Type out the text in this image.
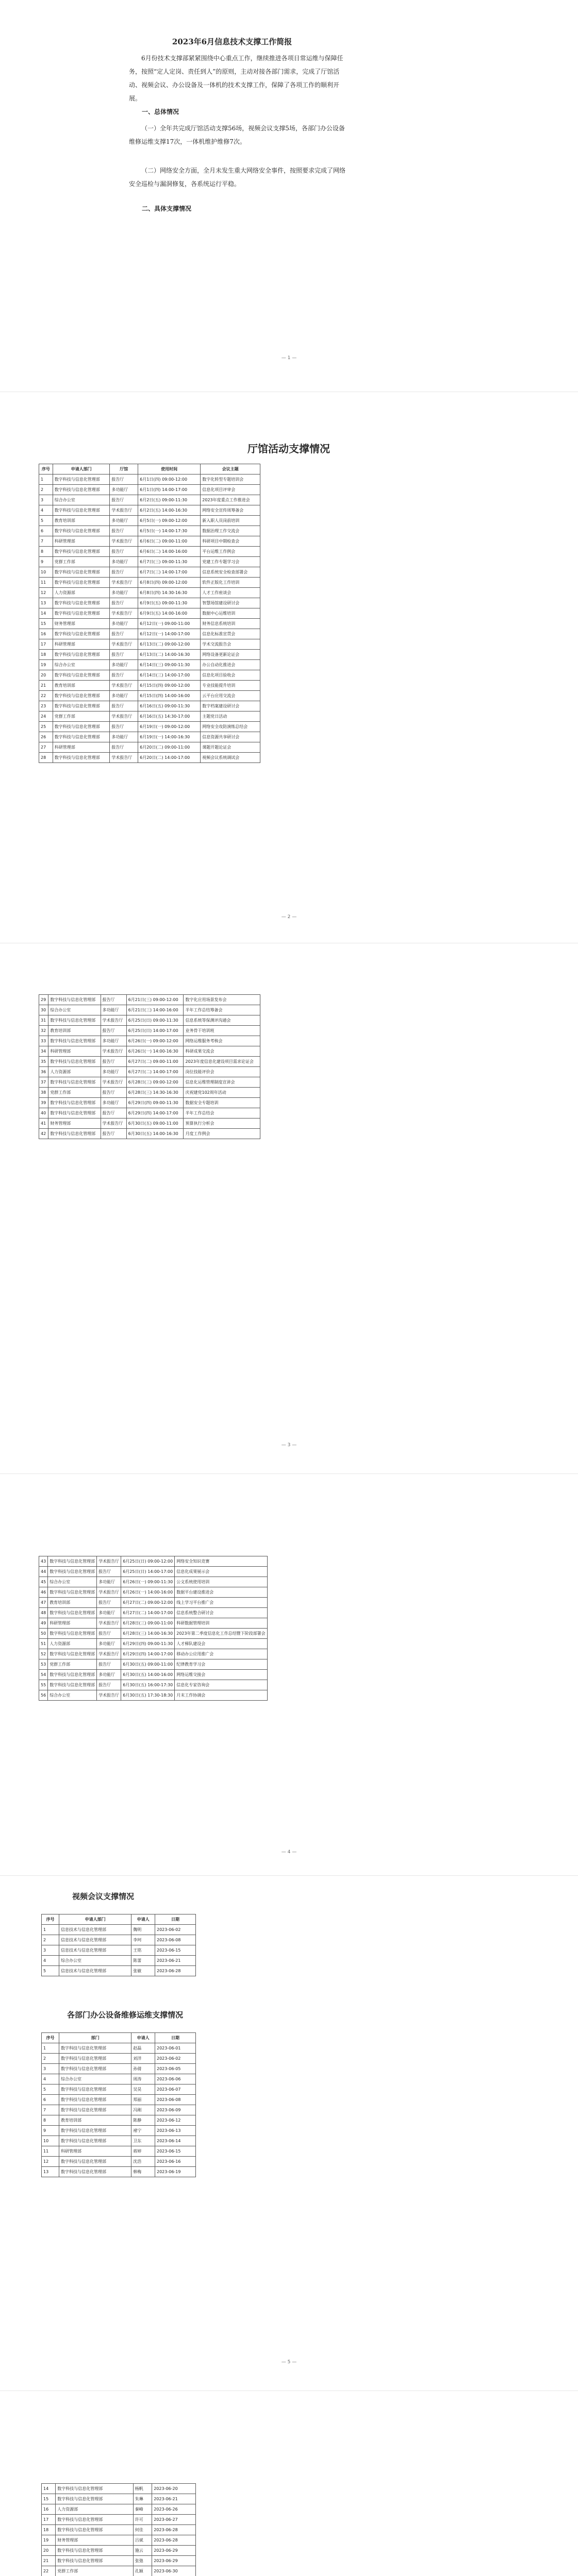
2023年6月信息技术支撑工作简报
6月份技术支撑部紧紧围绕中心重点工作，继续推进各项日常运维与保障任务，按照“定人定岗、责任到人”的原则，主动对接各部门需求，完成了厅馆活动、视频会议、办公设备及一体机的技术支撑工作，保障了各项工作的顺利开展。
一、总体情况
（一）全年共完成厅馆活动支撑56场，视频会议支撑5场，各部门办公设备维修运维支撑17次，一体机维护维修7次。
（二）网络安全方面，全月未发生重大网络安全事件，按照要求完成了网络安全巡检与漏洞修复，各系统运行平稳。
二、具体支撑情况
— 1 —
厅馆活动支撑情况
序号	申请人部门	厅馆	使用时间	会议主题
1	数字科技与信息化管理部	报告厅	6月1日(四) 09:00-12:00	数字化转型专题培训会
2	数字科技与信息化管理部	多功能厅	6月1日(四) 14:00-17:00	信息化项目评审会
3	综合办公室	报告厅	6月2日(五) 09:00-11:30	2023年度重点工作推进会
4	数字科技与信息化管理部	学术报告厅	6月2日(五) 14:00-16:30	网络安全宣传周筹备会
5	教育培训部	多功能厅	6月5日(一) 09:00-12:00	新入职人员岗前培训
6	数字科技与信息化管理部	报告厅	6月5日(一) 14:00-17:30	数据治理工作交流会
7	科研管理部	学术报告厅	6月6日(二) 09:00-11:00	科研项目中期检查会
8	数字科技与信息化管理部	报告厅	6月6日(二) 14:00-16:00	平台运维工作例会
9	党群工作部	多功能厅	6月7日(三) 09:00-11:30	党建工作专题学习会
10	数字科技与信息化管理部	报告厅	6月7日(三) 14:00-17:00	信息系统安全检查部署会
11	数字科技与信息化管理部	学术报告厅	6月8日(四) 09:00-12:00	软件正版化工作培训
12	人力资源部	多功能厅	6月8日(四) 14:30-16:30	人才工作座谈会
13	数字科技与信息化管理部	报告厅	6月9日(五) 09:00-11:30	智慧场馆建设研讨会
14	数字科技与信息化管理部	学术报告厅	6月9日(五) 14:00-16:00	数据中心运维培训
15	财务管理部	多功能厅	6月12日(一) 09:00-11:00	财务信息系统培训
16	数字科技与信息化管理部	报告厅	6月12日(一) 14:00-17:00	信息化标准宣贯会
17	科研管理部	学术报告厅	6月13日(二) 09:00-12:00	学术交流报告会
18	数字科技与信息化管理部	报告厅	6月13日(二) 14:00-16:30	网络设备更新论证会
19	综合办公室	多功能厅	6月14日(三) 09:00-11:30	办公自动化推进会
20	数字科技与信息化管理部	报告厅	6月14日(三) 14:00-17:00	信息化项目验收会
21	教育培训部	学术报告厅	6月15日(四) 09:00-12:00	专业技能提升培训
22	数字科技与信息化管理部	多功能厅	6月15日(四) 14:00-16:00	云平台应用交流会
23	数字科技与信息化管理部	报告厅	6月16日(五) 09:00-11:30	数字档案建设研讨会
24	党群工作部	学术报告厅	6月16日(五) 14:30-17:00	主题党日活动
25	数字科技与信息化管理部	报告厅	6月19日(一) 09:00-12:00	网络安全攻防演练总结会
26	数字科技与信息化管理部	多功能厅	6月19日(一) 14:00-16:30	信息资源共享研讨会
27	科研管理部	报告厅	6月20日(二) 09:00-11:00	课题开题论证会
28	数字科技与信息化管理部	学术报告厅	6月20日(二) 14:00-17:00	视频会议系统调试会
— 2 —
29	数字科技与信息化管理部	报告厅	6月21日(三) 09:00-12:00	数字化应用场景发布会
30	综合办公室	多功能厅	6月21日(三) 14:00-16:00	半年工作总结筹备会
31	数字科技与信息化管理部	学术报告厅	6月25日(日) 09:00-11:30	信息系统等保测评沟通会
32	教育培训部	报告厅	6月25日(日) 14:00-17:00	业务骨干培训班
33	数字科技与信息化管理部	多功能厅	6月26日(一) 09:00-12:00	网络运维服务考核会
34	科研管理部	学术报告厅	6月26日(一) 14:00-16:30	科研成果交流会
35	数字科技与信息化管理部	报告厅	6月27日(二) 09:00-11:00	2023年度信息化建设项目需求论证会
36	人力资源部	多功能厅	6月27日(二) 14:00-17:00	岗位技能评价会
37	数字科技与信息化管理部	学术报告厅	6月28日(三) 09:00-12:00	信息化运维管理制度宣讲会
38	党群工作部	报告厅	6月28日(三) 14:30-16:30	庆祝建党102周年活动
39	数字科技与信息化管理部	多功能厅	6月29日(四) 09:00-11:30	数据安全专题培训
40	数字科技与信息化管理部	报告厅	6月29日(四) 14:00-17:00	半年工作总结会
41	财务管理部	学术报告厅	6月30日(五) 09:00-11:00	预算执行分析会
42	数字科技与信息化管理部	报告厅	6月30日(五) 14:00-16:30	月度工作例会
— 3 —
43	数字科技与信息化管理部	学术报告厅	6月25日(日) 09:00-12:00	网络安全知识竞赛
44	数字科技与信息化管理部	报告厅	6月25日(日) 14:00-17:00	信息化成果展示会
45	综合办公室	多功能厅	6月26日(一) 09:00-11:30	公文系统使用培训
46	数字科技与信息化管理部	学术报告厅	6月26日(一) 14:00-16:00	数据平台建设推进会
47	教育培训部	报告厅	6月27日(二) 09:00-12:00	线上学习平台推广会
48	数字科技与信息化管理部	多功能厅	6月27日(二) 14:00-17:00	信息系统整合研讨会
49	科研管理部	学术报告厅	6月28日(三) 09:00-11:00	科研数据管理培训
50	数字科技与信息化管理部	报告厅	6月28日(三) 14:00-16:30	2023年第二季度信息化工作总结暨下阶段部署会
51	人力资源部	多功能厅	6月29日(四) 09:00-11:30	人才梯队建设会
52	数字科技与信息化管理部	学术报告厅	6月29日(四) 14:00-17:00	移动办公应用推广会
53	党群工作部	报告厅	6月30日(五) 09:00-11:00	纪律教育学习会
54	数字科技与信息化管理部	多功能厅	6月30日(五) 14:00-16:00	网络运维交接会
55	数字科技与信息化管理部	报告厅	6月30日(五) 16:00-17:30	信息化专家咨询会
56	综合办公室	学术报告厅	6月30日(五) 17:30-18:30	月末工作协调会
— 4 —
视频会议支撑情况
序号	申请人部门	申请人	日期
1	信息技术与信息化管理部	魏明	2023-06-02
2	信息技术与信息化管理部	李珂	2023-06-08
3	信息技术与信息化管理部	王铭	2023-06-15
4	综合办公室	陈蕾	2023-06-21
5	信息技术与信息化管理部	张敏	2023-06-28
各部门办公设备维修运维支撑情况
序号	部门	申请人	日期
1	数字科技与信息化管理部	赵磊	2023-06-01
2	数字科技与信息化管理部	刘洋	2023-06-02
3	数字科技与信息化管理部	孙倩	2023-06-05
4	综合办公室	周涛	2023-06-06
5	数字科技与信息化管理部	吴昊	2023-06-07
6	数字科技与信息化管理部	郑丽	2023-06-08
7	数字科技与信息化管理部	冯刚	2023-06-09
8	教育培训部	陈静	2023-06-12
9	数字科技与信息化管理部	褚宁	2023-06-13
10	数字科技与信息化管理部	卫东	2023-06-14
11	科研管理部	蒋婷	2023-06-15
12	数字科技与信息化管理部	沈浩	2023-06-16
13	数字科技与信息化管理部	韩梅	2023-06-19
— 5 —
14	数字科技与信息化管理部	杨帆	2023-06-20
15	数字科技与信息化管理部	朱琳	2023-06-21
16	人力资源部	秦峰	2023-06-26
17	数字科技与信息化管理部	许可	2023-06-27
18	数字科技与信息化管理部	何佳	2023-06-28
19	财务管理部	吕斌	2023-06-28
20	数字科技与信息化管理部	施云	2023-06-29
21	数字科技与信息化管理部	张弛	2023-06-29
22	党群工作部	孔颖	2023-06-30
